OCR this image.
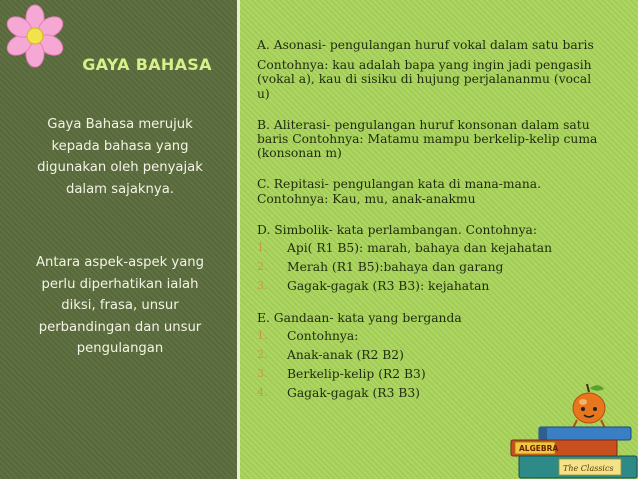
GAYA BAHASA
Gaya Bahasa merujuk kepada bahasa yang digunakan oleh penyajak dalam sajaknya.
Antara aspek-aspek yang perlu diperhatikan ialah diksi, frasa, unsur perbandingan dan unsur pengulangan

A. Asonasi- pengulangan huruf vokal dalam satu baris

Contohnya: kau adalah bapa yang ingin jadi pengasih (vokal a), kau di sisiku di hujung perjalananmu (vocal u)

B. Aliterasi- pengulangan huruf konsonan dalam satu baris Contohnya: Matamu mampu berkelip-kelip cuma (konsonan m)

C. Repitasi- pengulangan kata di mana-mana. Contohnya: Kau, mu, anak-anakmu

D. Simbolik- kata perlambangan. Contohnya:

1. Api( R1 B5): marah, bahaya dan kejahatan
2. Merah (R1 B5):bahaya dan garang
3. Gagak-gagak (R3 B3): kejahatan

E. Gandaan- kata yang berganda

1. Contohnya:
2. Anak-anak (R2 B2)
3. Berkelip-kelip (R2 B3)
4. Gagak-gagak (R3 B3)
ALGEBRA
The Classics
